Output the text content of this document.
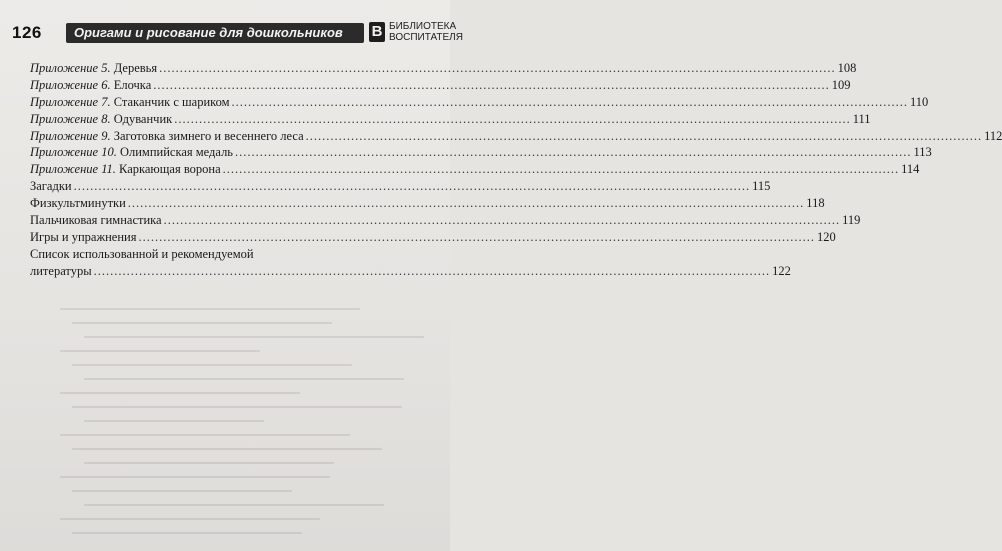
126	Оригами и рисование для дошкольников	В БИБЛИОТЕКА
ВОСПИТАТЕЛЯ
Приложение 5. Деревья .....	108
Приложение 6. Елочка .....	109
Приложение 7. Стаканчик с шариком .....	110
Приложение 8. Одуванчик .....	111
Приложение 9. Заготовка зимнего и весеннего леса .....	112
Приложение 10. Олимпийская медаль .....	113
Приложение 11. Каркающая ворона .....	114
Загадки .....	115
Физкультминутки .....	118
Пальчиковая гимнастика .....	119
Игры и упражнения .....	120
Список использованной и рекомендуемой
литературы .....	122
